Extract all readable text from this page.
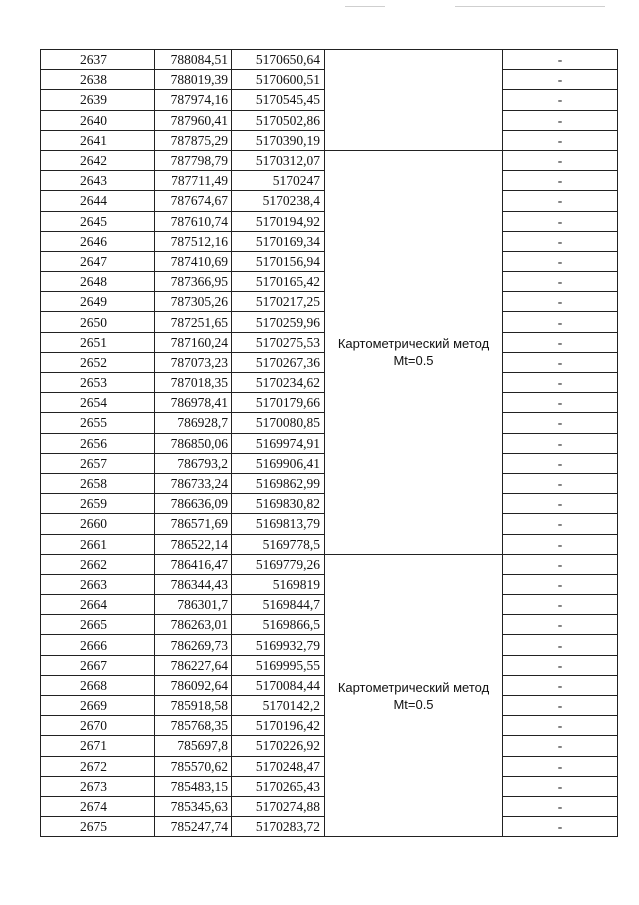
2637	788084,51	5170650,64		-
2638	788019,39	5170600,51		-
2639	787974,16	5170545,45		-
2640	787960,41	5170502,86		-
2641	787875,29	5170390,19		-
2642	787798,79	5170312,07	Картометрический метод Mt=0.5	-
2643	787711,49	5170247		-
2644	787674,67	5170238,4		-
2645	787610,74	5170194,92		-
2646	787512,16	5170169,34		-
2647	787410,69	5170156,94		-
2648	787366,95	5170165,42		-
2649	787305,26	5170217,25		-
2650	787251,65	5170259,96		-
2651	787160,24	5170275,53		-
2652	787073,23	5170267,36		-
2653	787018,35	5170234,62		-
2654	786978,41	5170179,66		-
2655	786928,7	5170080,85		-
2656	786850,06	5169974,91		-
2657	786793,2	5169906,41		-
2658	786733,24	5169862,99		-
2659	786636,09	5169830,82		-
2660	786571,69	5169813,79		-
2661	786522,14	5169778,5		-
2662	786416,47	5169779,26	Картометрический метод Mt=0.5	-
2663	786344,43	5169819		-
2664	786301,7	5169844,7		-
2665	786263,01	5169866,5		-
2666	786269,73	5169932,79		-
2667	786227,64	5169995,55		-
2668	786092,64	5170084,44		-
2669	785918,58	5170142,2		-
2670	785768,35	5170196,42		-
2671	785697,8	5170226,92		-
2672	785570,62	5170248,47		-
2673	785483,15	5170265,43		-
2674	785345,63	5170274,88		-
2675	785247,74	5170283,72		-
